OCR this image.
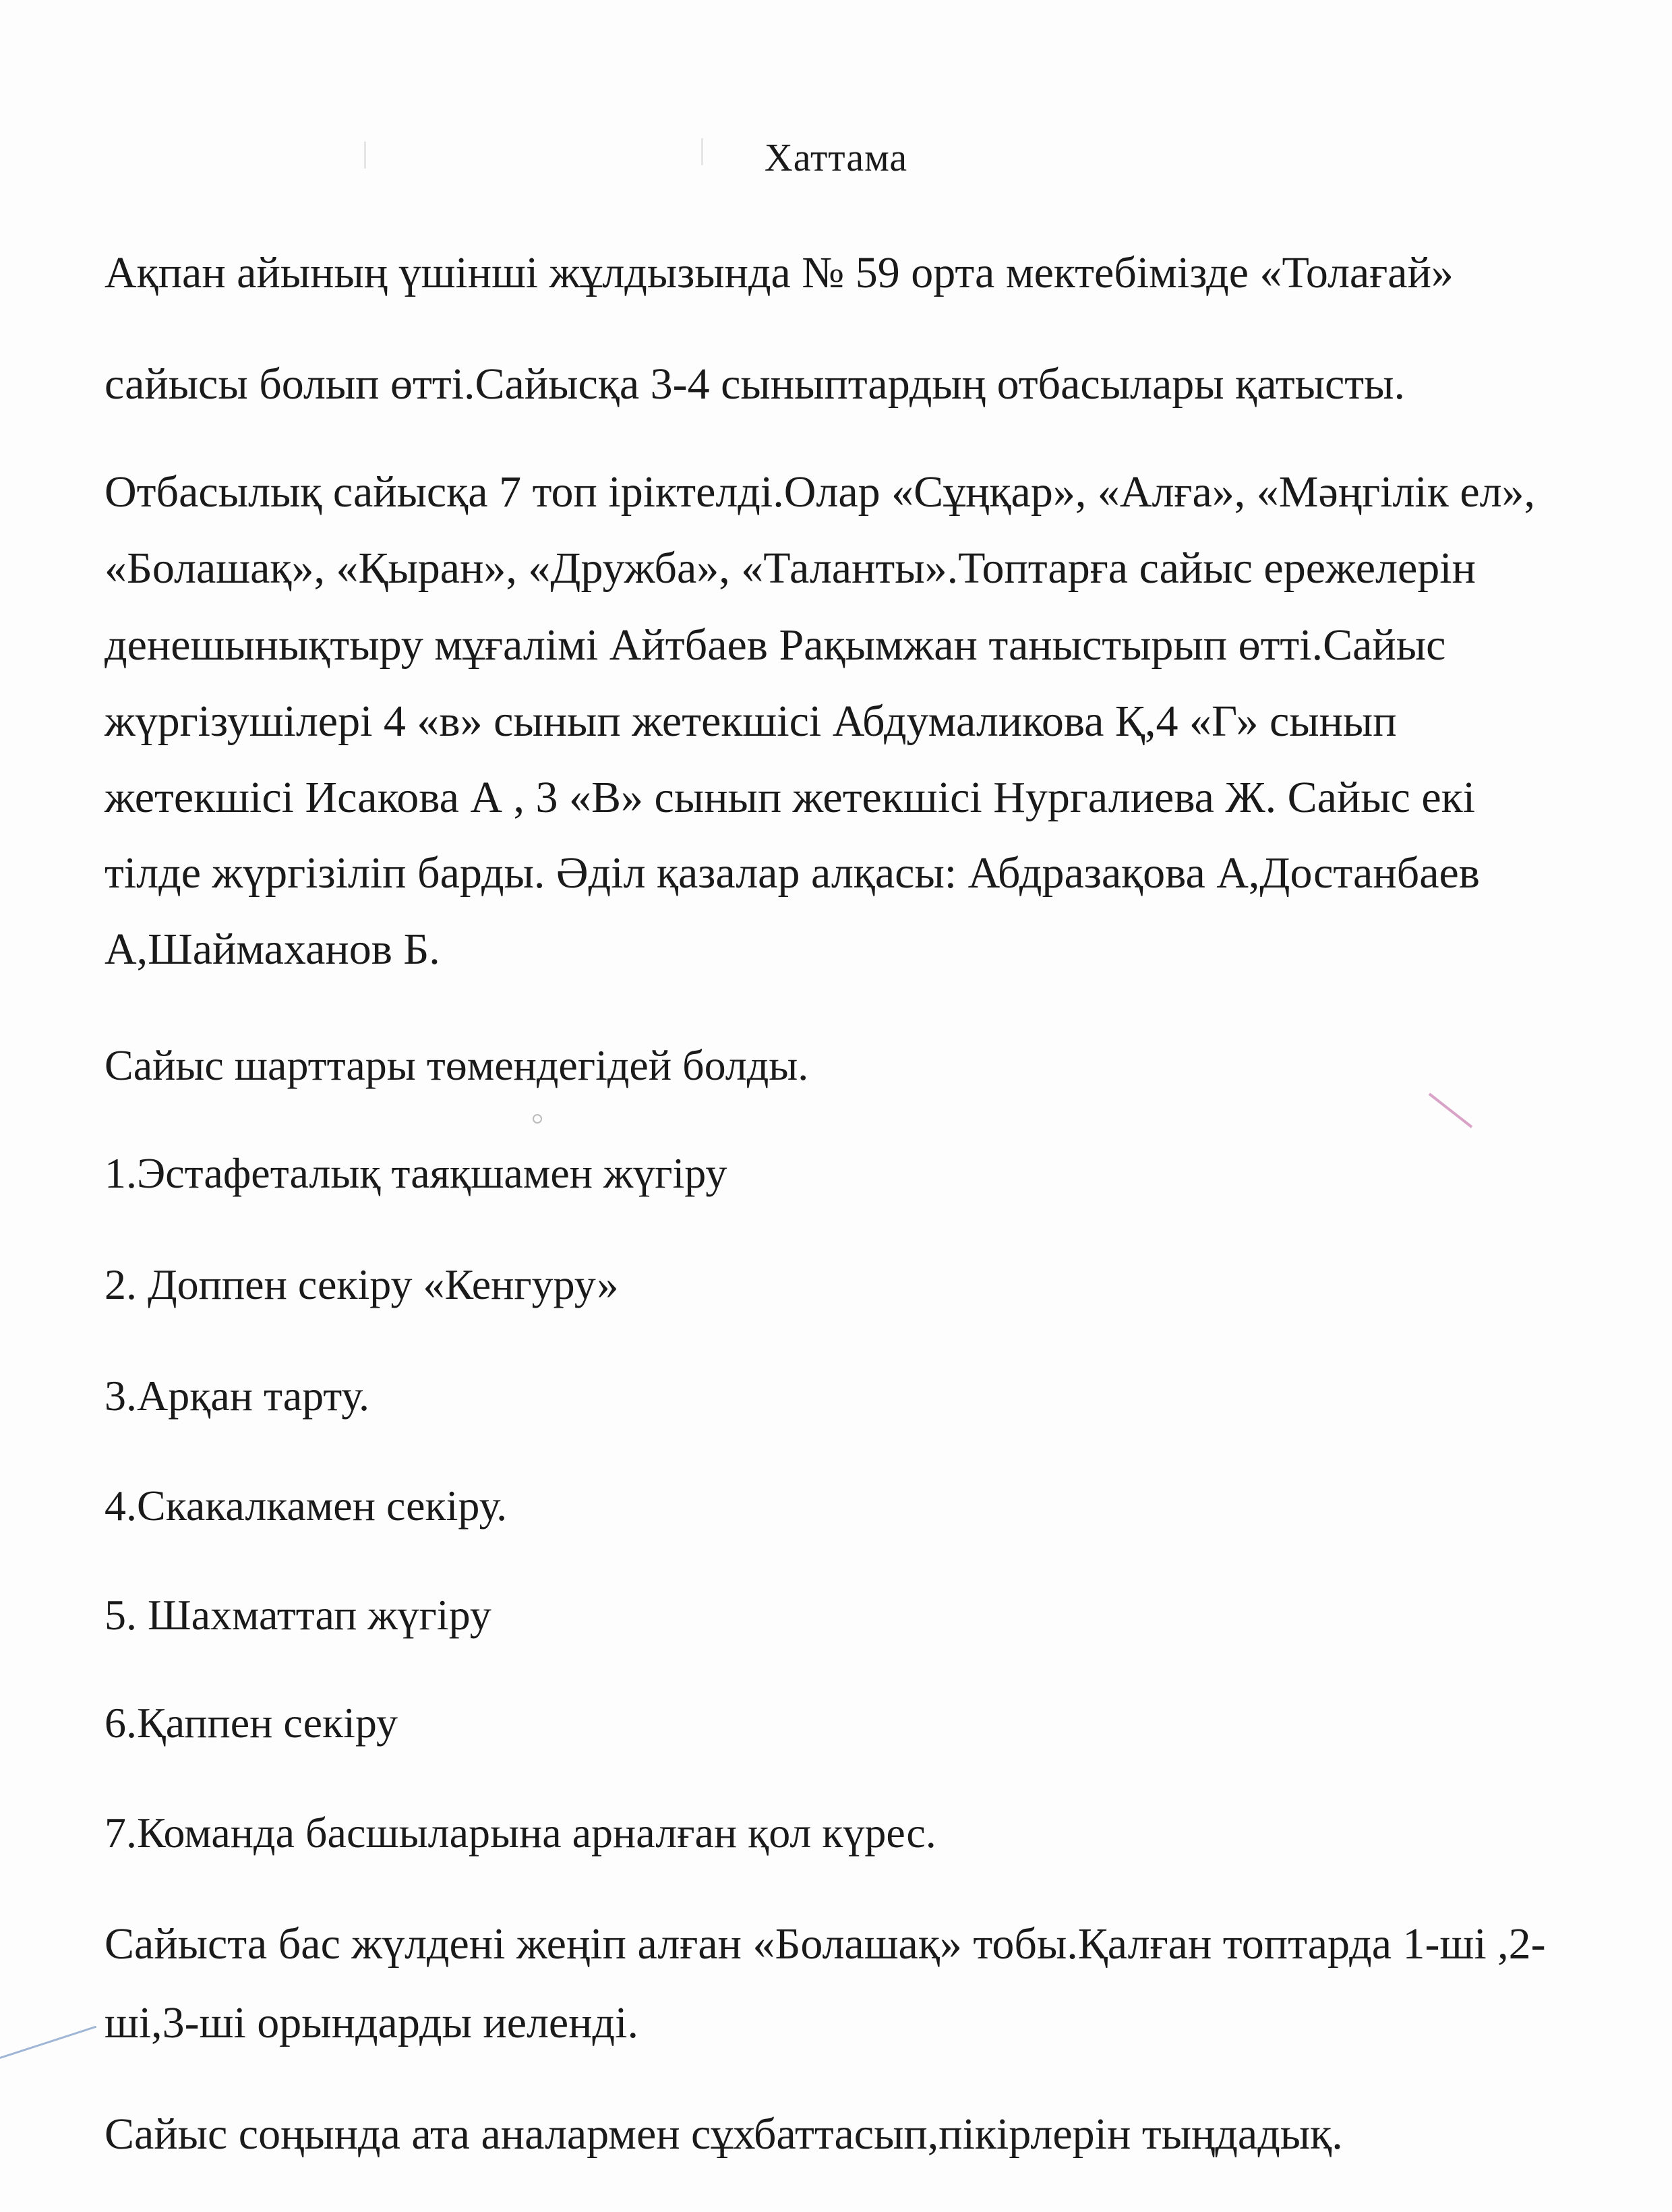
Хаттама

Ақпан айының үшінші жұлдызында № 59 орта мектебімізде «Толағай»

сайысы болып өтті.Сайысқа 3-4 сыныптардың отбасылары қатысты.

Отбасылық сайысқа 7 топ іріктелді.Олар «Сұңқар», «Алға», «Мәңгілік ел»,

«Болашақ», «Қыран», «Дружба», «Таланты».Топтарға сайыс ережелерін

денешынықтыру мұғалімі Айтбаев Рақымжан таныстырып өтті.Сайыс

жүргізушілері 4 «в» сынып жетекшісі Абдумаликова Қ,4 «Г» сынып

жетекшісі Исакова А , 3 «В» сынып жетекшісі Нургалиева Ж. Сайыс екі

тілде жүргізіліп барды. Әділ қазалар алқасы: Абдразақова А,Достанбаев

А,Шаймаханов Б.

Сайыс шарттары төмендегідей болды.

1.Эстафеталық таяқшамен жүгіру

2. Доппен секіру «Кенгуру»

3.Арқан тарту.

4.Скакалкамен секіру.

5. Шахматтап жүгіру

6.Қаппен секіру

7.Команда басшыларына арналған қол күрес.

Сайыста бас жүлдені жеңіп алған «Болашақ» тобы.Қалған топтарда 1-ші ,2-

ші,3-ші орындарды иеленді.

Сайыс соңында ата аналармен сұхбаттасып,пікірлерін тыңдадық.
